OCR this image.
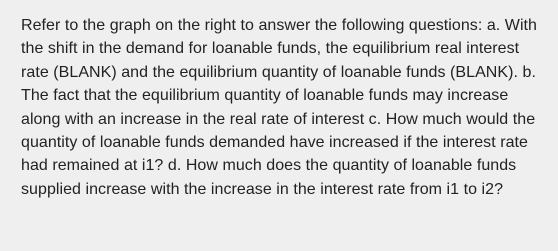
Refer to the graph on the right to answer the following questions: a. With the shift in the demand for loanable funds, the equilibrium real interest rate (BLANK) and the equilibrium quantity of loanable funds (BLANK). b. The fact that the equilibrium quantity of loanable funds may increase along with an increase in the real rate of interest c. How much would the quantity of loanable funds demanded have increased if the interest rate had remained at i1? d. How much does the quantity of loanable funds supplied increase with the increase in the interest rate from i1 to i2?
